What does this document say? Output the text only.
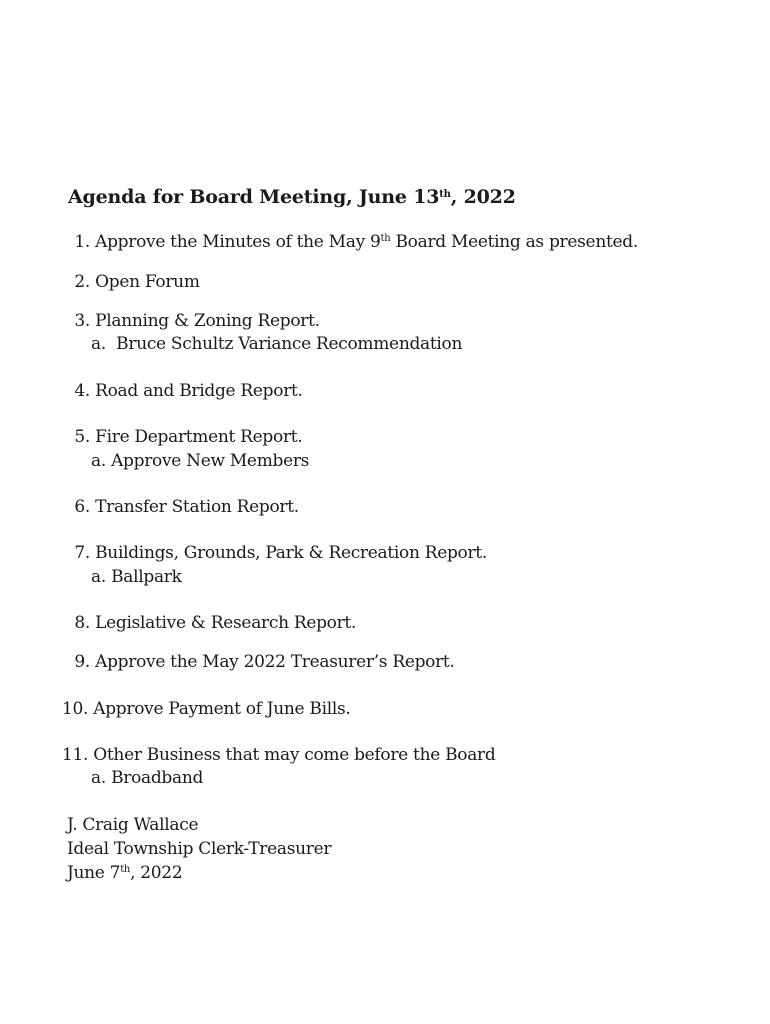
Agenda for Board Meeting, June 13th, 2022
1. Approve the Minutes of the May 9th Board Meeting as presented.
2. Open Forum
3. Planning & Zoning Report.
a. Bruce Schultz Variance Recommendation
4. Road and Bridge Report.
5. Fire Department Report.
a. Approve New Members
6. Transfer Station Report.
7. Buildings, Grounds, Park & Recreation Report.
a. Ballpark
8. Legislative & Research Report.
9. Approve the May 2022 Treasurer’s Report.
10. Approve Payment of June Bills.
11. Other Business that may come before the Board
a. Broadband
J. Craig Wallace
Ideal Township Clerk-Treasurer
June 7th, 2022
